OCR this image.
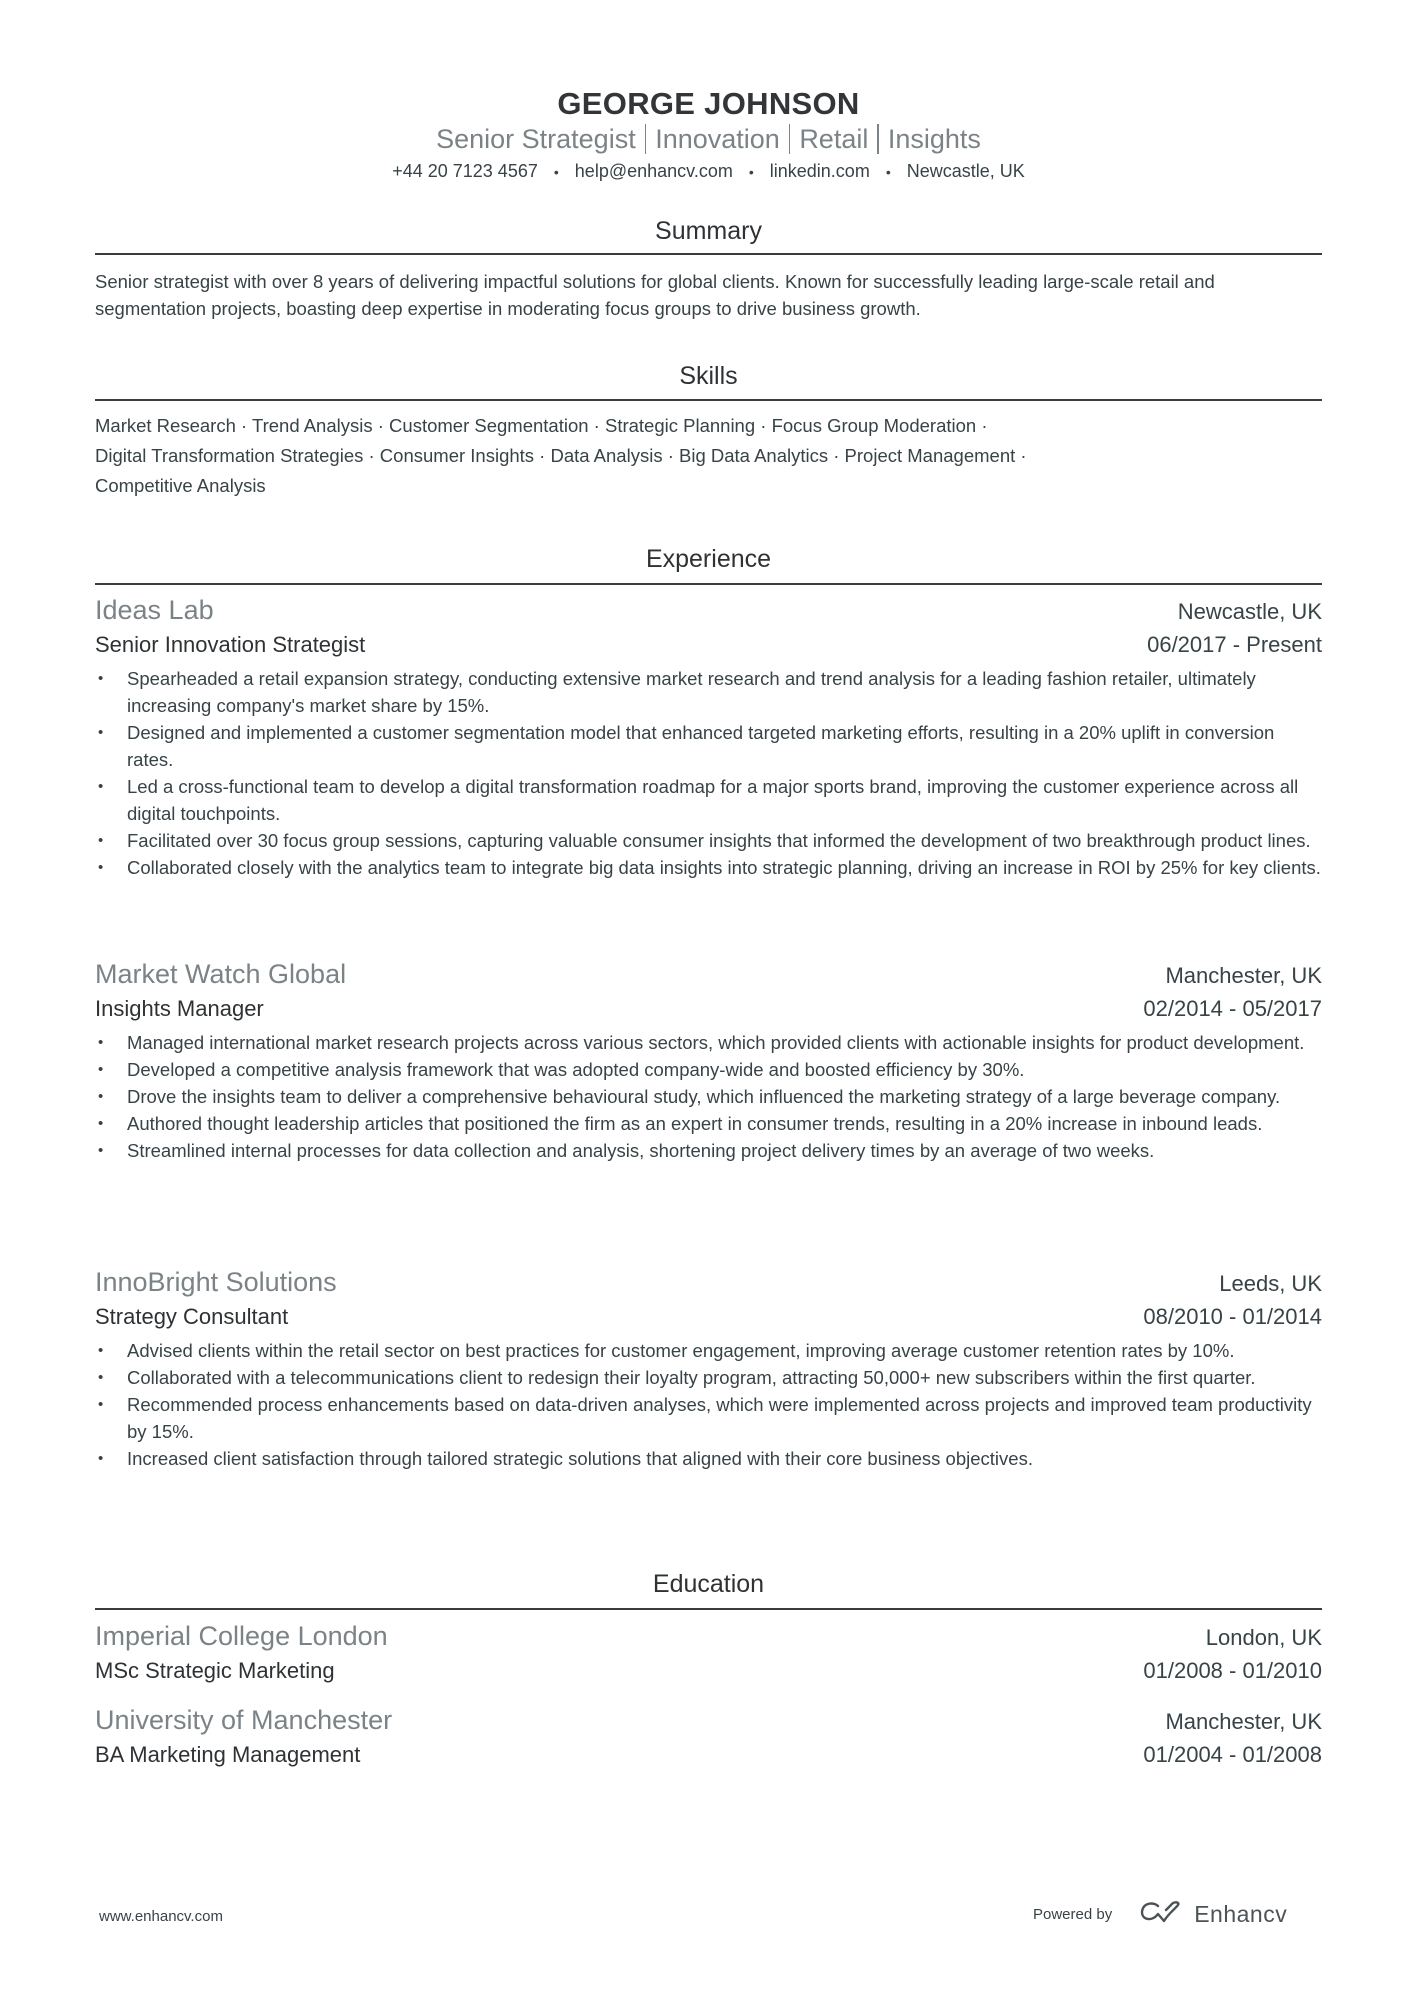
GEORGE JOHNSON
Senior Strategist Innovation Retail Insights
+44 20 7123 4567 • help@enhancv.com • linkedin.com • Newcastle, UK
Summary
Senior strategist with over 8 years of delivering impactful solutions for global clients. Known for successfully leading large-scale retail and segmentation projects, boasting deep expertise in moderating focus groups to drive business growth.
Skills
Market Research · Trend Analysis · Customer Segmentation · Strategic Planning · Focus Group Moderation ·
Digital Transformation Strategies · Consumer Insights · Data Analysis · Big Data Analytics · Project Management ·
Competitive Analysis
Experience
Ideas Lab	Newcastle, UK
Senior Innovation Strategist	06/2017 - Present
• Spearheaded a retail expansion strategy, conducting extensive market research and trend analysis for a leading fashion retailer, ultimately increasing company's market share by 15%.
• Designed and implemented a customer segmentation model that enhanced targeted marketing efforts, resulting in a 20% uplift in conversion rates.
• Led a cross-functional team to develop a digital transformation roadmap for a major sports brand, improving the customer experience across all digital touchpoints.
• Facilitated over 30 focus group sessions, capturing valuable consumer insights that informed the development of two breakthrough product lines.
• Collaborated closely with the analytics team to integrate big data insights into strategic planning, driving an increase in ROI by 25% for key clients.
Market Watch Global	Manchester, UK
Insights Manager	02/2014 - 05/2017
• Managed international market research projects across various sectors, which provided clients with actionable insights for product development.
• Developed a competitive analysis framework that was adopted company-wide and boosted efficiency by 30%.
• Drove the insights team to deliver a comprehensive behavioural study, which influenced the marketing strategy of a large beverage company.
• Authored thought leadership articles that positioned the firm as an expert in consumer trends, resulting in a 20% increase in inbound leads.
• Streamlined internal processes for data collection and analysis, shortening project delivery times by an average of two weeks.
InnoBright Solutions	Leeds, UK
Strategy Consultant	08/2010 - 01/2014
• Advised clients within the retail sector on best practices for customer engagement, improving average customer retention rates by 10%.
• Collaborated with a telecommunications client to redesign their loyalty program, attracting 50,000+ new subscribers within the first quarter.
• Recommended process enhancements based on data-driven analyses, which were implemented across projects and improved team productivity by 15%.
• Increased client satisfaction through tailored strategic solutions that aligned with their core business objectives.
Education
Imperial College London	London, UK
MSc Strategic Marketing	01/2008 - 01/2010
University of Manchester	Manchester, UK
BA Marketing Management	01/2004 - 01/2008
www.enhancv.com	Powered by	Enhancv
